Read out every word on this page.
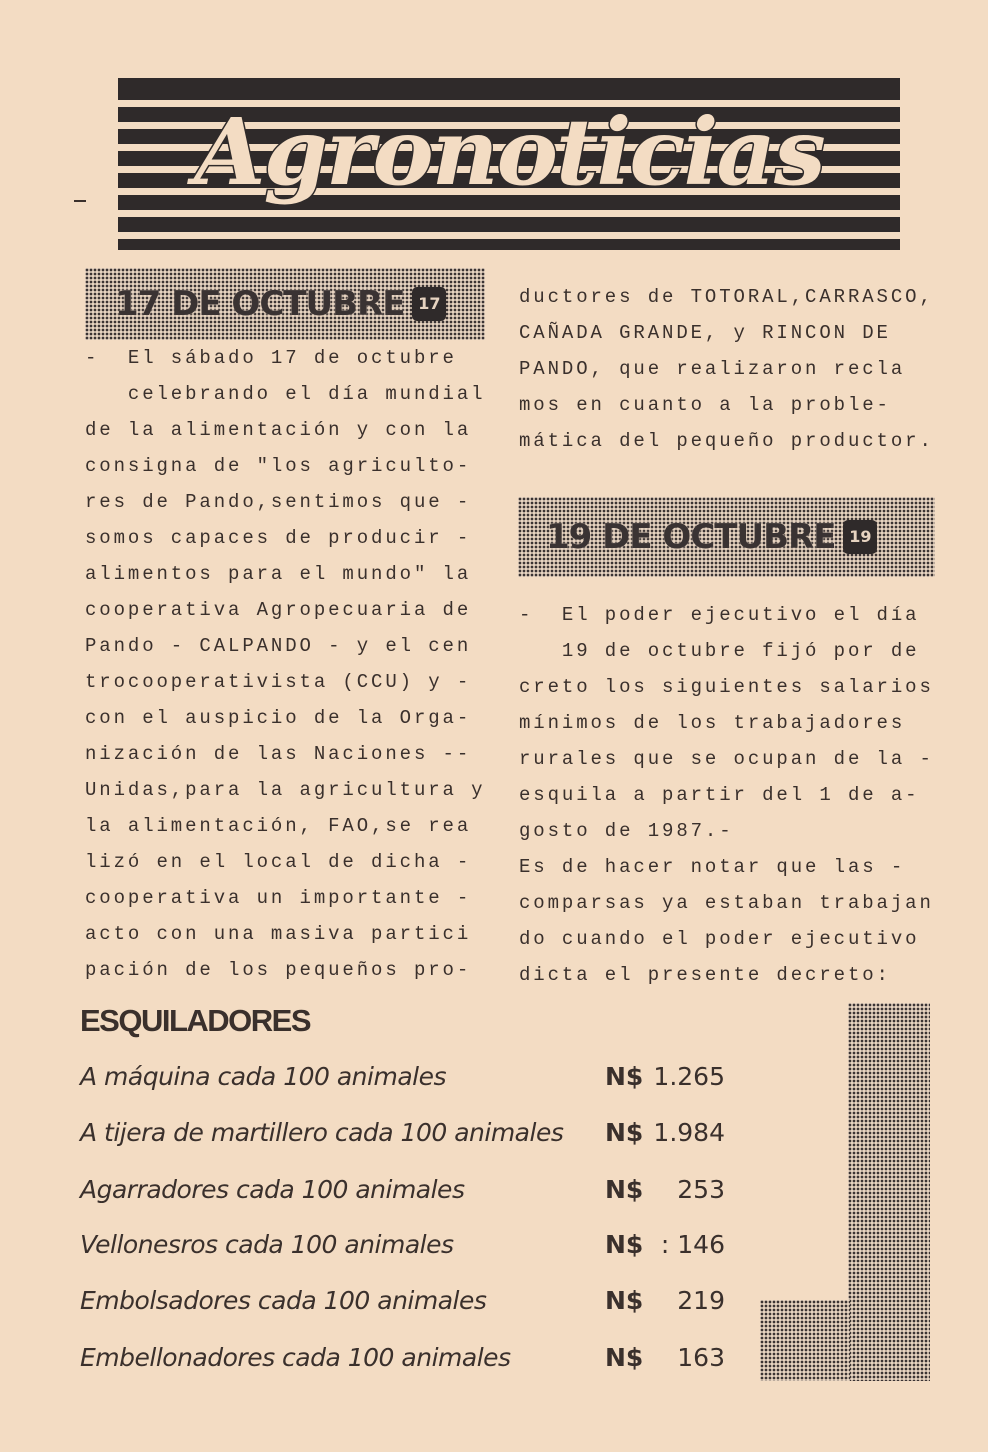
Agronoticias
17 DE OCTUBRE 17
-  El sábado 17 de octubre
celebrando el día mundial
de la alimentación y con la
consigna de "los agriculto-
res de Pando,sentimos que -
somos capaces de producir -
alimentos para el mundo" la
cooperativa Agropecuaria de
Pando - CALPANDO - y el cen
trocooperativista (CCU) y -
con el auspicio de la Orga-
nización de las Naciones --
Unidas,para la agricultura y
la alimentación, FAO,se rea
lizó en el local de dicha -
cooperativa un importante -
acto con una masiva partici
pación de los pequeños pro-
ductores de TOTORAL,CARRASCO,
CAÑADA GRANDE, y RINCON DE
PANDO, que realizaron recla
mos en cuanto a la proble-
mática del pequeño productor.
19 DE OCTUBRE 19
-  El poder ejecutivo el día
19 de octubre fijó por de
creto los siguientes salarios
mínimos de los trabajadores
rurales que se ocupan de la -
esquila a partir del 1 de a-
gosto de 1987.-
Es de hacer notar que las -
comparsas ya estaban trabajan
do cuando el poder ejecutivo
dicta el presente decreto:
ESQUILADORES
A máquina cada 100 animales	N$ 1.265
A tijera de martillero cada 100 animales N$ 1.984
Agarradores cada 100 animales	N$ 253
Vellonesros cada 100 animales	N$ : 146
Embolsadores cada 100 animales	N$ 219
Embellonadores cada 100 animales	N$ 163
